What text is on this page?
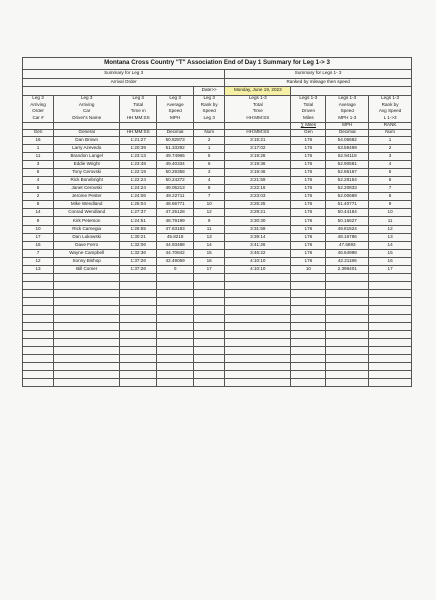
Montana Cross Country "T" Association End of Day 1 Summary for Leg 1-> 3								
Summary for Leg 3					Summary for Legs 1- 3			
Arrival Order					Ranked by mileage then speed			
				Date>>	Monday, June 19, 2023			
Leg 3	Leg 3	Leg 3	Leg 3	Leg 3	Legs 1-3	Legs 1-3	Legs 1-3	Legs 1-3
Arriving	Arriving	Total	Average	Rank by	Total	Total	Average	Rank by
Order	Car	Time in	Speed	Speed	Time	Driven	Speed	Avg Speed
Car #	Driver's Name	HH:MM:SS	MPH	Leg 3	HH:MM:SS	Miles	MPH 1-3	L 1->3
						∑ Miles	MPH	RANK
Gen	General	HH:MM:SS	Decimal	Num	HH:MM:SS	Gen	Decimal	Num
16	Dan Brown	1:21:27	50.82873	2	3:15:21	176	54.05682	1
1	Larry Azevedo	1:20:39	51.33292	1	3:17:02	176	53.59499	2
11	Brandon Langel	1:23:13	49.74965	5	3:19:28	176	52.94118	3
3	Eddie Wright	1:23:48	49.40334	6	3:19:36	176	52.90581	4
6	Tony Cerovski	1:22:19	50.29358	3	3:19:46	176	52.86167	5
4	Rick Bonebright	1:22:24	50.24272	4	3:21:59	176	52.28154	6
5	Janet Cerovski	1:24:24	49.05213	8	3:22:16	176	52.20833	7
2	Jerome Pester	1:24:06	49.22711	7	3:23:03	176	52.00689	8
8	Mike Wendland	1:25:04	48.66771	10	3:25:25	176	51.40771	9
14	Conrad Wendland	1:27:37	47.25128	12	3:29:21	176	50.44184	10
9	Kirk Peterson	1:24:51	48.79199	9	3:30:30	176	50.16627	11
10	Rick Carnegia	1:26:55	47.63183	11	3:31:59	176	49.81524	12
17	Dan Lukowski	1:30:21	45.8218	13	3:39:14	176	48.16786	13
15	Dave Ferro	1:32:06	44.93488	14	3:41:26	176	47.6893	14
7	Wayne Campbell	1:32:36	44.70842	15	3:46:22	176	46.64998	15
12	Sonny Bishop	1:37:26	42.49059	16	4:10:10	176	42.21186	16
13	Bill Comer	1:37:26	0	17	4:10:10	10	2.398401	17
